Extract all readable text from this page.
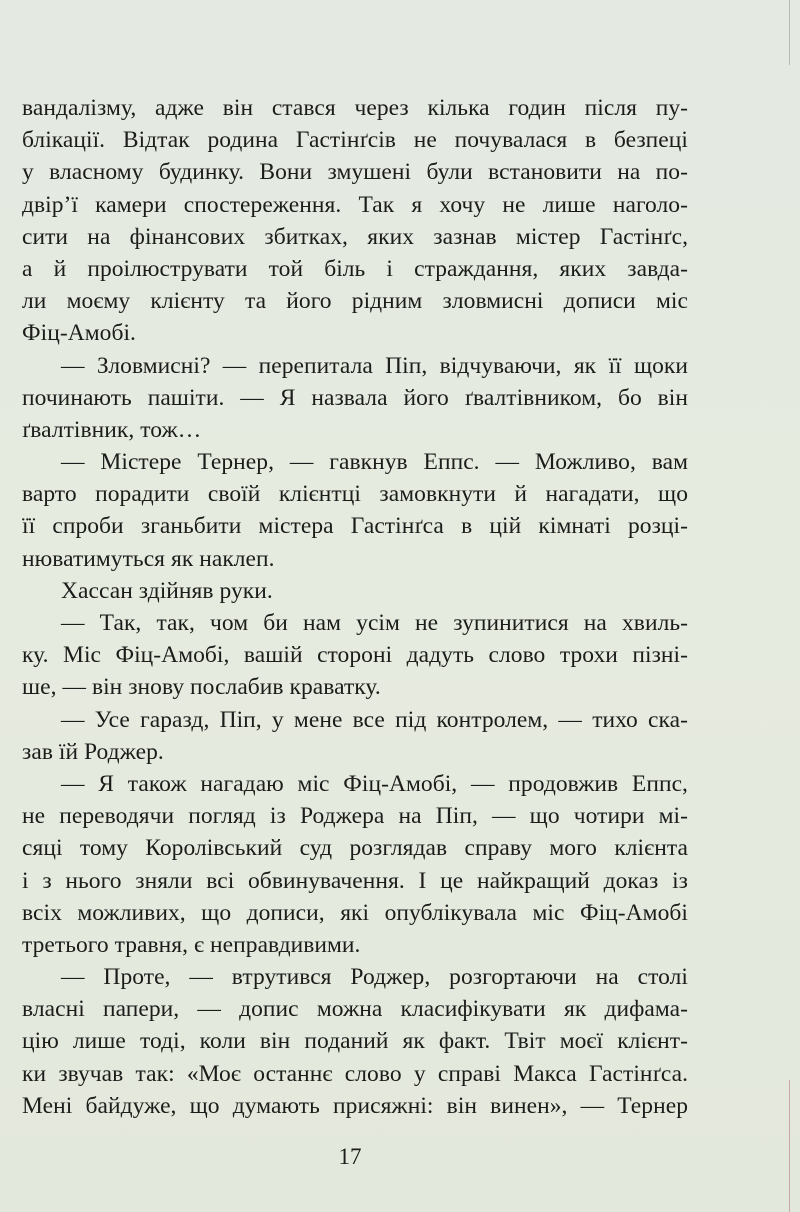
вандалізму, адже він стався через кілька годин після пу-
блікації. Відтак родина Гастінґсів не почувалася в безпеці
у власному будинку. Вони змушені були встановити на по-
двір’ї камери спостереження. Так я хочу не лише наголо-
сити на фінансових збитках, яких зазнав містер Гастінґс,
а й проілюструвати той біль і страждання, яких завда-
ли моєму клієнту та його рідним зловмисні дописи міс
Фіц-Амобі.
— Зловмисні? — перепитала Піп, відчуваючи, як її щоки
починають пашіти. — Я назвала його ґвалтівником, бо він
ґвалтівник, тож…
— Містере Тернер, — гавкнув Еппс. — Можливо, вам
варто порадити своїй клієнтці замовкнути й нагадати, що
її спроби зганьбити містера Гастінґса в цій кімнаті розці-
нюватимуться як наклеп.
Хассан здійняв руки.
— Так, так, чом би нам усім не зупинитися на хвиль-
ку. Міс Фіц-Амобі, вашій стороні дадуть слово трохи пізні-
ше, — він знову послабив краватку.
— Усе гаразд, Піп, у мене все під контролем, — тихо ска-
зав їй Роджер.
— Я також нагадаю міс Фіц-Амобі, — продовжив Еппс,
не переводячи погляд із Роджера на Піп, — що чотири мі-
сяці тому Королівський суд розглядав справу мого клієнта
і з нього зняли всі обвинувачення. І це найкращий доказ із
всіх можливих, що дописи, які опублікувала міс Фіц-Амобі
третього травня, є неправдивими.
— Проте, — втрутився Роджер, розгортаючи на столі
власні папери, — допис можна класифікувати як дифама-
цію лише тоді, коли він поданий як факт. Твіт моєї клієнт-
ки звучав так: «Моє останнє слово у справі Макса Гастінґса.
Мені байдуже, що думають присяжні: він винен», — Тернер
17
